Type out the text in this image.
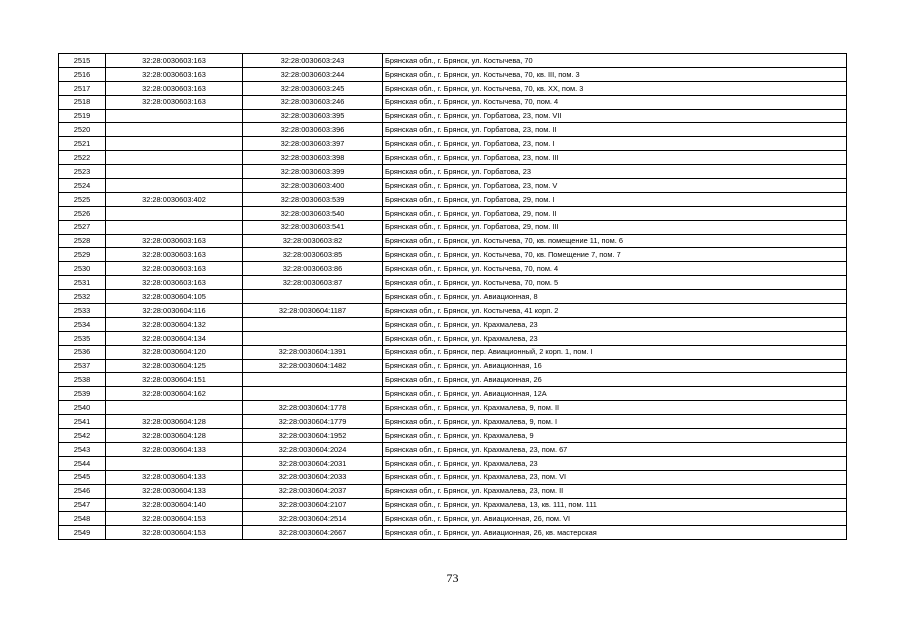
2515	32:28:0030603:163	32:28:0030603:243	Брянская обл., г. Брянск, ул. Костычева, 70
2516	32:28:0030603:163	32:28:0030603:244	Брянская обл., г. Брянск, ул. Костычева, 70, кв. III, пом. 3
2517	32:28:0030603:163	32:28:0030603:245	Брянская обл., г. Брянск, ул. Костычева, 70, кв. XX, пом. 3
2518	32:28:0030603:163	32:28:0030603:246	Брянская обл., г. Брянск, ул. Костычева, 70, пом. 4
2519		32:28:0030603:395	Брянская обл., г. Брянск, ул. Горбатова, 23, пом. VII
2520		32:28:0030603:396	Брянская обл., г. Брянск, ул. Горбатова, 23, пом. II
2521		32:28:0030603:397	Брянская обл., г. Брянск, ул. Горбатова, 23, пом. I
2522		32:28:0030603:398	Брянская обл., г. Брянск, ул. Горбатова, 23, пом. III
2523		32:28:0030603:399	Брянская обл., г. Брянск, ул. Горбатова, 23
2524		32:28:0030603:400	Брянская обл., г. Брянск, ул. Горбатова, 23, пом. V
2525	32:28:0030603:402	32:28:0030603:539	Брянская обл., г. Брянск, ул. Горбатова, 29, пом. I
2526		32:28:0030603:540	Брянская обл., г. Брянск, ул. Горбатова, 29, пом. II
2527		32:28:0030603:541	Брянская обл., г. Брянск, ул. Горбатова, 29, пом. III
2528	32:28:0030603:163	32:28:0030603:82	Брянская обл., г. Брянск, ул. Костычева, 70, кв. помещение 11, пом. 6
2529	32:28:0030603:163	32:28:0030603:85	Брянская обл., г. Брянск, ул. Костычева, 70, кв. Помещение 7, пом. 7
2530	32:28:0030603:163	32:28:0030603:86	Брянская обл., г. Брянск, ул. Костычева, 70, пом. 4
2531	32:28:0030603:163	32:28:0030603:87	Брянская обл., г. Брянск, ул. Костычева, 70, пом. 5
2532	32:28:0030604:105		Брянская обл., г. Брянск, ул. Авиационная, 8
2533	32:28:0030604:116	32:28:0030604:1187	Брянская обл., г. Брянск, ул. Костычева, 41 корп. 2
2534	32:28:0030604:132		Брянская обл., г. Брянск, ул. Крахмалева, 23
2535	32:28:0030604:134		Брянская обл., г. Брянск, ул. Крахмалева, 23
2536	32:28:0030604:120	32:28:0030604:1391	Брянская обл., г. Брянск, пер. Авиационный, 2 корп. 1, пом. I
2537	32:28:0030604:125	32:28:0030604:1482	Брянская обл., г. Брянск, ул. Авиационная, 16
2538	32:28:0030604:151		Брянская обл., г. Брянск, ул. Авиационная, 26
2539	32:28:0030604:162		Брянская обл., г. Брянск, ул. Авиационная, 12А
2540		32:28:0030604:1778	Брянская обл., г. Брянск, ул. Крахмалева, 9, пом. II
2541	32:28:0030604:128	32:28:0030604:1779	Брянская обл., г. Брянск, ул. Крахмалева, 9, пом. I
2542	32:28:0030604:128	32:28:0030604:1952	Брянская обл., г. Брянск, ул. Крахмалева, 9
2543	32:28:0030604:133	32:28:0030604:2024	Брянская обл., г. Брянск, ул. Крахмалева, 23, пом. 67
2544		32:28:0030604:2031	Брянская обл., г. Брянск, ул. Крахмалева, 23
2545	32:28:0030604:133	32:28:0030604:2033	Брянская обл., г. Брянск, ул. Крахмалева, 23, пом. VI
2546	32:28:0030604:133	32:28:0030604:2037	Брянская обл., г. Брянск, ул. Крахмалева, 23, пом. II
2547	32:28:0030604:140	32:28:0030604:2107	Брянская обл., г. Брянск, ул. Крахмалева, 13, кв. 111, пом. 111
2548	32:28:0030604:153	32:28:0030604:2514	Брянская обл., г. Брянск, ул. Авиационная, 26, пом. VI
2549	32:28:0030604:153	32:28:0030604:2667	Брянская обл., г. Брянск, ул. Авиационная, 26, кв. мастерская
73
